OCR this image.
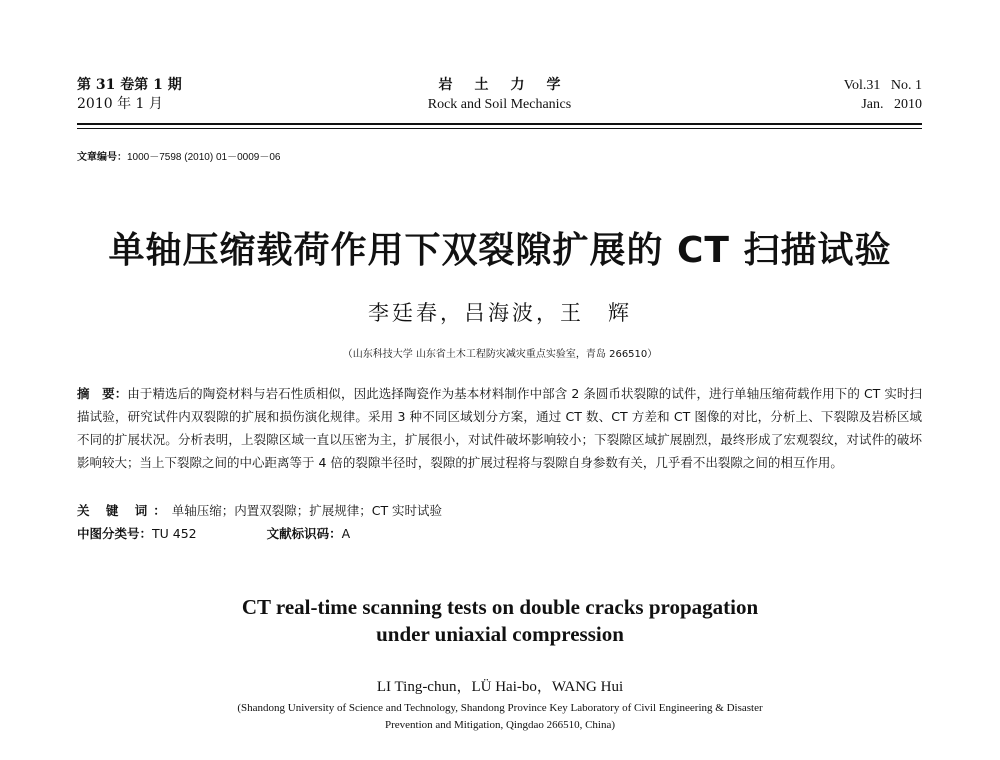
第 31 卷第 1 期
2010 年 1 月
岩土力学
Rock and Soil Mechanics
Vol.31   No. 1
Jan.   2010
文章编号：1000－7598 (2010) 01－0009－06
单轴压缩载荷作用下双裂隙扩展的 CT 扫描试验
李廷春，吕海波，王　辉
（山东科技大学 山东省土木工程防灾减灾重点实验室，青岛 266510）
摘　要：由于精选后的陶瓷材料与岩石性质相似，因此选择陶瓷作为基本材料制作中部含 2 条圆币状裂隙的试件，进行单轴压缩荷载作用下的 CT 实时扫描试验，研究试件内双裂隙的扩展和损伤演化规律。采用 3 种不同区域划分方案，通过 CT 数、CT 方差和 CT 图像的对比，分析上、下裂隙及岩桥区域不同的扩展状况。分析表明，上裂隙区域一直以压密为主，扩展很小，对试件破坏影响较小；下裂隙区域扩展剧烈，最终形成了宏观裂纹，对试件的破坏影响较大；当上下裂隙之间的中心距离等于 4 倍的裂隙半径时，裂隙的扩展过程将与裂隙自身参数有关，几乎看不出裂隙之间的相互作用。
关 键 词：单轴压缩；内置双裂隙；扩展规律；CT 实时试验
中图分类号：TU 452	文献标识码：A
CT real-time scanning tests on double cracks propagation
under uniaxial compression
LI Ting-chun，LÜ Hai-bo，WANG Hui
(Shandong University of Science and Technology, Shandong Province Key Laboratory of Civil Engineering & Disaster
Prevention and Mitigation, Qingdao 266510, China)
